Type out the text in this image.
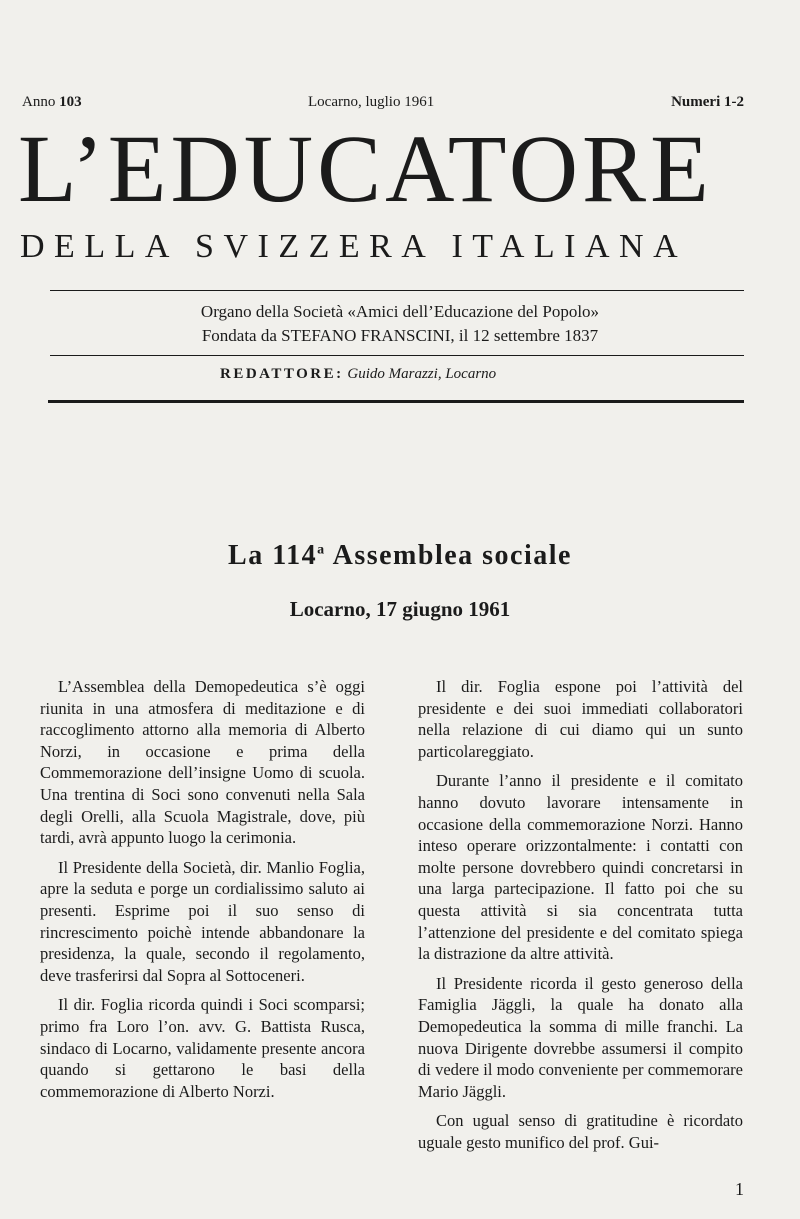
Anno 103	Locarno, luglio 1961	Numeri 1-2
L’EDUCATORE
DELLA SVIZZERA ITALIANA
Organo della Società «Amici dell’Educazione del Popolo»
Fondata da STEFANO FRANSCINI, il 12 settembre 1837
REDATTORE: Guido Marazzi, Locarno
La 114$^a$ Assemblea sociale
Locarno, 17 giugno 1961

L’Assemblea della Demopedeutica s’è oggi riunita in una atmosfera di meditazione e di raccoglimento attorno alla memoria di Alberto Norzi, in occasione e prima della Commemorazione dell’insigne Uomo di scuola. Una trentina di Soci sono convenuti nella Sala degli Orelli, alla Scuola Magistrale, dove, più tardi, avrà appunto luogo la cerimonia.

Il Presidente della Società, dir. Manlio Foglia, apre la seduta e porge un cordialissimo saluto ai presenti. Esprime poi il suo senso di rincrescimento poichè intende abbandonare la presidenza, la quale, secondo il regolamento, deve trasferirsi dal Sopra al Sottoceneri.

Il dir. Foglia ricorda quindi i Soci scomparsi; primo fra Loro l’on. avv. G. Battista Rusca, sindaco di Locarno, validamente presente ancora quando si gettarono le basi della commemorazione di Alberto Norzi.

Il dir. Foglia espone poi l’attività del presidente e dei suoi immediati collaboratori nella relazione di cui diamo qui un sunto particolareggiato.

Durante l’anno il presidente e il comitato hanno dovuto lavorare intensamente in occasione della commemorazione Norzi. Hanno inteso operare orizzontalmente: i contatti con molte persone dovrebbero quindi concretarsi in una larga partecipazione. Il fatto poi che su questa attività si sia concentrata tutta l’attenzione del presidente e del comitato spiega la distrazione da altre attività.

Il Presidente ricorda il gesto generoso della Famiglia Jäggli, la quale ha donato alla Demopedeutica la somma di mille franchi. La nuova Dirigente dovrebbe assumersi il compito di vedere il modo conveniente per commemorare Mario Jäggli.

Con ugual senso di gratitudine è ricordato uguale gesto munifico del prof. Gui-

1
